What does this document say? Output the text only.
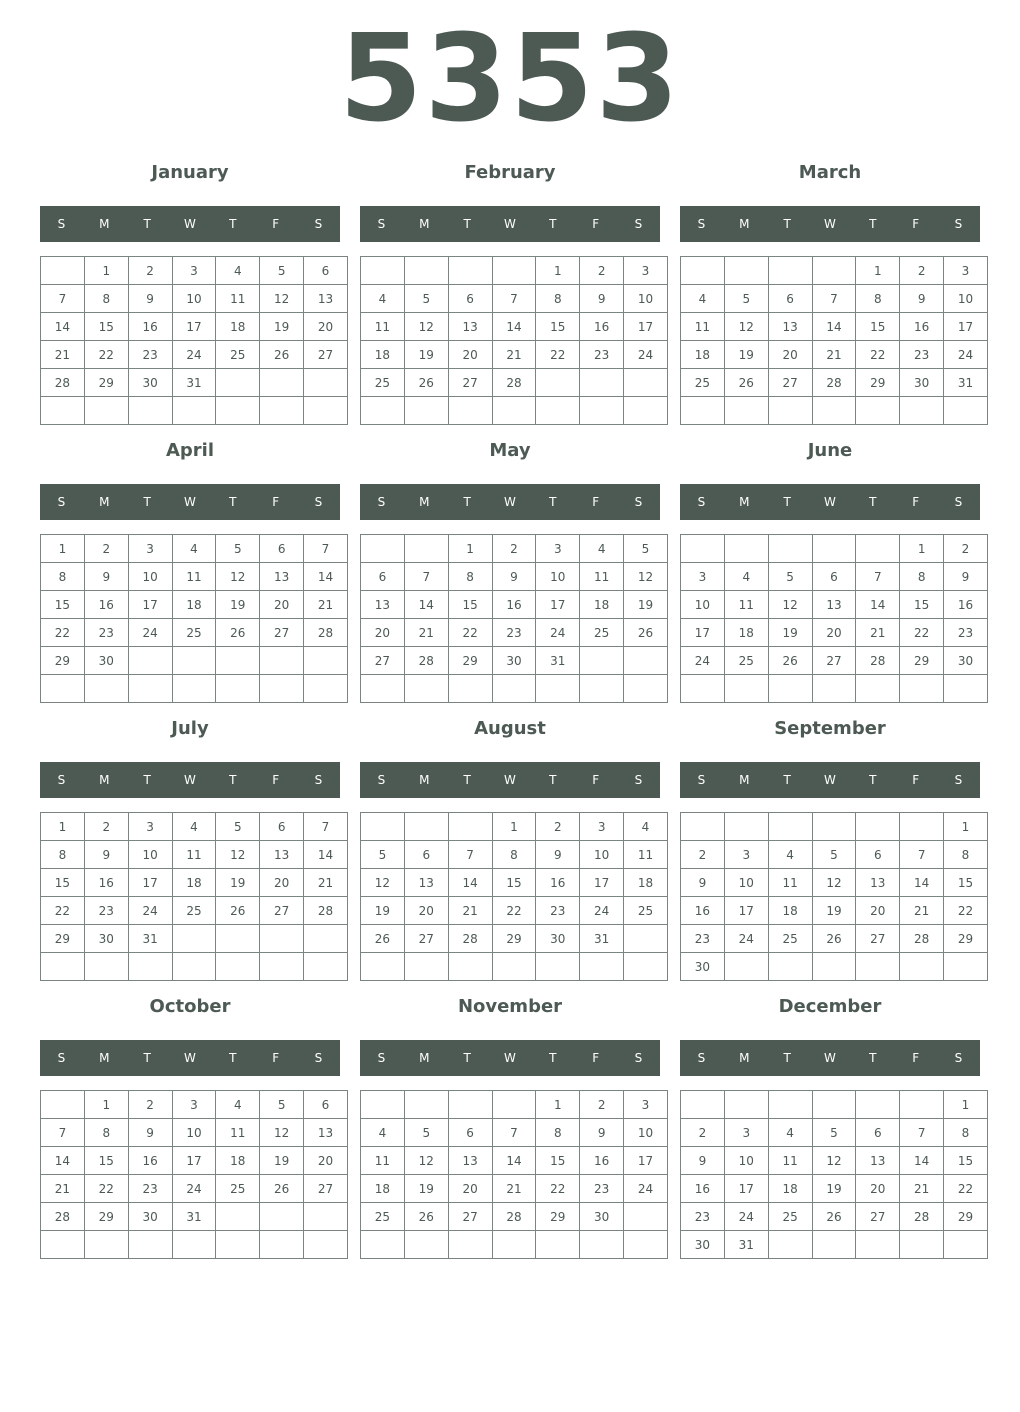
5353
January
S	M	T	W	T	F	S
	1	2	3	4	5	6
7	8	9	10	11	12	13
14	15	16	17	18	19	20
21	22	23	24	25	26	27
28	29	30	31			

February
S	M	T	W	T	F	S
				1	2	3
4	5	6	7	8	9	10
11	12	13	14	15	16	17
18	19	20	21	22	23	24
25	26	27	28			

March
S	M	T	W	T	F	S
				1	2	3
4	5	6	7	8	9	10
11	12	13	14	15	16	17
18	19	20	21	22	23	24
25	26	27	28	29	30	31

April
S	M	T	W	T	F	S
1	2	3	4	5	6	7
8	9	10	11	12	13	14
15	16	17	18	19	20	21
22	23	24	25	26	27	28
29	30					

May
S	M	T	W	T	F	S
		1	2	3	4	5
6	7	8	9	10	11	12
13	14	15	16	17	18	19
20	21	22	23	24	25	26
27	28	29	30	31		

June
S	M	T	W	T	F	S
					1	2
3	4	5	6	7	8	9
10	11	12	13	14	15	16
17	18	19	20	21	22	23
24	25	26	27	28	29	30

July
S	M	T	W	T	F	S
1	2	3	4	5	6	7
8	9	10	11	12	13	14
15	16	17	18	19	20	21
22	23	24	25	26	27	28
29	30	31				

August
S	M	T	W	T	F	S
			1	2	3	4
5	6	7	8	9	10	11
12	13	14	15	16	17	18
19	20	21	22	23	24	25
26	27	28	29	30	31	

September
S	M	T	W	T	F	S
						1
2	3	4	5	6	7	8
9	10	11	12	13	14	15
16	17	18	19	20	21	22
23	24	25	26	27	28	29
30						
October
S	M	T	W	T	F	S
	1	2	3	4	5	6
7	8	9	10	11	12	13
14	15	16	17	18	19	20
21	22	23	24	25	26	27
28	29	30	31			

November
S	M	T	W	T	F	S
				1	2	3
4	5	6	7	8	9	10
11	12	13	14	15	16	17
18	19	20	21	22	23	24
25	26	27	28	29	30	

December
S	M	T	W	T	F	S
						1
2	3	4	5	6	7	8
9	10	11	12	13	14	15
16	17	18	19	20	21	22
23	24	25	26	27	28	29
30	31					
